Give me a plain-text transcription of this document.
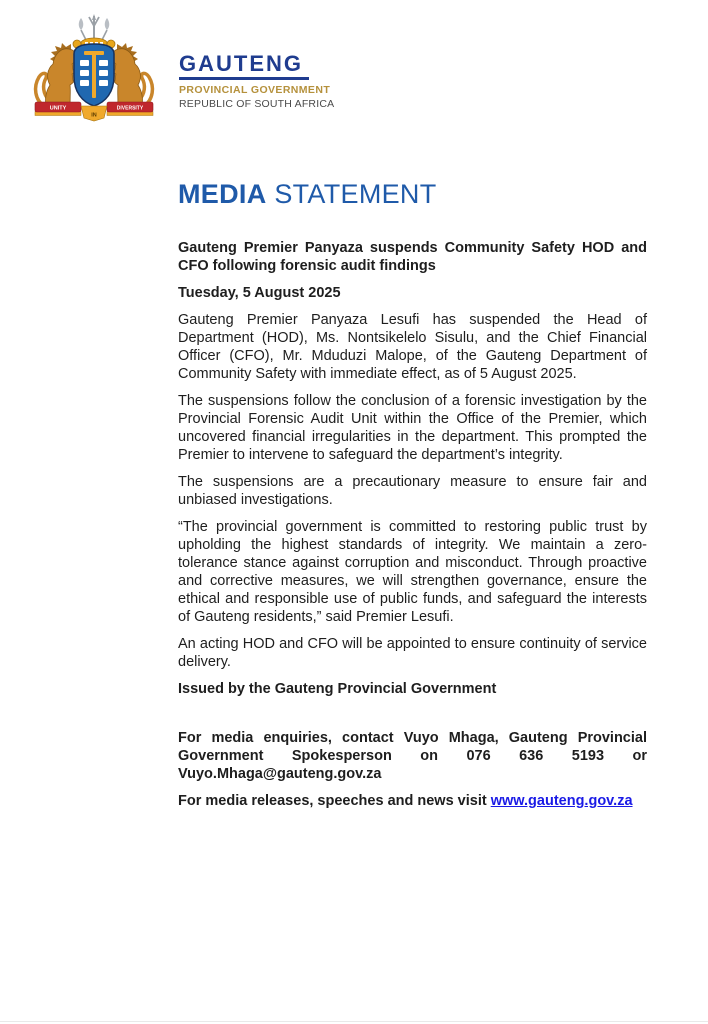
UNITY	DIVERSITY
IN
GAUTENG
PROVINCIAL GOVERNMENT
REPUBLIC OF SOUTH AFRICA
MEDIA STATEMENT

Gauteng Premier Panyaza suspends Community Safety HOD and CFO following forensic audit findings

Tuesday, 5 August 2025

Gauteng Premier Panyaza Lesufi has suspended the Head of Department (HOD), Ms. Nontsikelelo Sisulu, and the Chief Financial Officer (CFO), Mr. Mduduzi Malope, of the Gauteng Department of Community Safety with immediate effect, as of 5 August 2025.

The suspensions follow the conclusion of a forensic investigation by the Provincial Forensic Audit Unit within the Office of the Premier, which uncovered financial irregularities in the department. This prompted the Premier to intervene to safeguard the department’s integrity.

The suspensions are a precautionary measure to ensure fair and unbiased investigations.

“The provincial government is committed to restoring public trust by upholding the highest standards of integrity. We maintain a zero-tolerance stance against corruption and misconduct. Through proactive and corrective measures, we will strengthen governance, ensure the ethical and responsible use of public funds, and safeguard the interests of Gauteng residents,” said Premier Lesufi.

An acting HOD and CFO will be appointed to ensure continuity of service delivery.

Issued by the Gauteng Provincial Government

For media enquiries, contact Vuyo Mhaga, Gauteng Provincial Government Spokesperson on 076 636 5193 or Vuyo.Mhaga@gauteng.gov.za

For media releases, speeches and news visit www.gauteng.gov.za
